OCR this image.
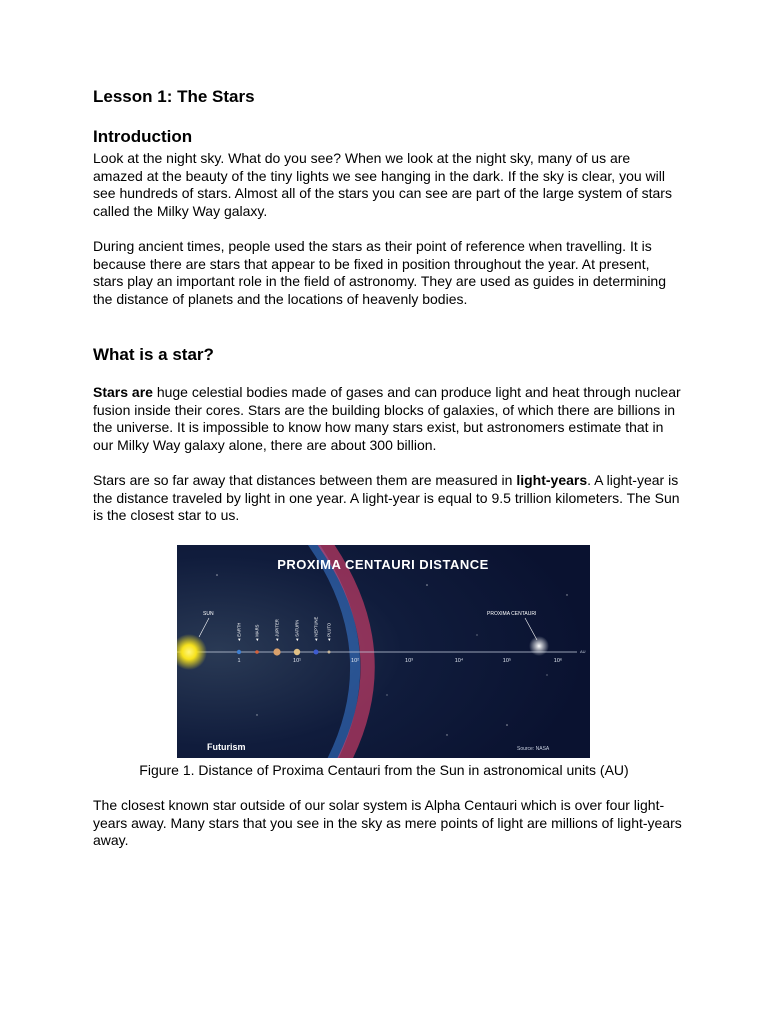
Lesson 1: The Stars
Introduction

Look at the night sky. What do you see? When we look at the night sky, many of us are amazed at the beauty of the tiny lights we see hanging in the dark. If the sky is clear, you will see hundreds of stars. Almost all of the stars you can see are part of the large system of stars called the Milky Way galaxy.

During ancient times, people used the stars as their point of reference when travelling. It is because there are stars that appear to be fixed in position throughout the year. At present, stars play an important role in the field of astronomy. They are used as guides in determining the distance of planets and the locations of heavenly bodies.

What is a star?

Stars are huge celestial bodies made of gases and can produce light and heat through nuclear fusion inside their cores. Stars are the building blocks of galaxies, of which there are billions in the universe. It is impossible to know how many stars exist, but astronomers estimate that in our Milky Way galaxy alone, there are about 300 billion.

Stars are so far away that distances between them are measured in light-years. A light-year is the distance traveled by light in one year. A light-year is equal to 9.5 trillion kilometers. The Sun is the closest star to us.

PROXIMA CENTAURI DISTANCE
SUN
◄ EARTH	◄ MARS	◄ JUPITER	◄ SATURN	◄ NEPTUNE ◄ PLUTO
1	10¹	10²	10³	10⁴	10⁵	10⁶
AU
PROXIMA CENTAURI
Futurism	Source: NASA
Figure 1. Distance of Proxima Centauri from the Sun in astronomical units (AU)

The closest known star outside of our solar system is Alpha Centauri which is over four light-years away. Many stars that you see in the sky as mere points of light are millions of light-years away.
